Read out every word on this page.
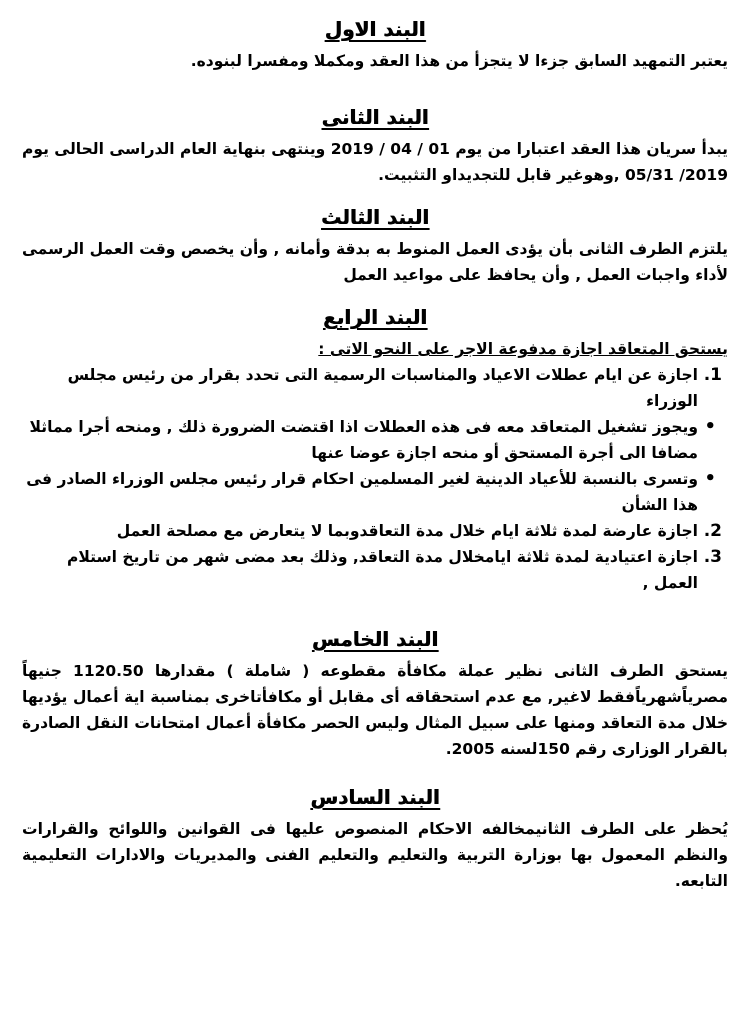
البند الاول

يعتبر التمهيد السابق جزءا لا يتجزأ من هذا العقد ومكملا ومفسرا لبنوده.

البند الثانى

يبدأ سريان هذا العقد اعتبارا من يوم 01 / 04 / 2019 وينتهى بنهاية العام الدراسى الحالى يوم 2019/ 05/31 ,وهوغير قابل للتجديداو التثبيت.

البند الثالث

يلتزم الطرف الثانى بأن يؤدى العمل المنوط به بدقة وأمانه , وأن يخصص وقت العمل الرسمى لأداء واجبات العمل , وأن يحافظ على مواعيد العمل

البند الرابع

يستحق المتعاقد اجازة مدفوعة الاجر على النحو الاتى :

1.
اجازة عن ايام عطلات الاعياد والمناسبات الرسمية التى تحدد بقرار من رئيس مجلس الوزراء
• ويجوز تشغيل المتعاقد معه فى هذه العطلات اذا اقتضت الضرورة ذلك , ومنحه أجرا مماثلا مضافا الى أجرة المستحق أو منحه اجازة عوضا عنها
• وتسرى بالنسبة للأعياد الدينية لغير المسلمين احكام قرار رئيس مجلس الوزراء الصادر فى هذا الشأن
2.
اجازة عارضة لمدة ثلاثة ايام خلال مدة التعاقدوبما لا يتعارض مع مصلحة العمل
3.
اجازة اعتيادية لمدة ثلاثة ايامخلال مدة التعاقد, وذلك بعد مضى شهر من تاريخ استلام العمل ,
البند الخامس

يستحق الطرف الثانى نظير عملة مكافأة مقطوعه ( شاملة ) مقدارها 1120.50 جنيهاً مصرياًشهرياًفقط لاغير, مع عدم استحقاقه أى مقابل أو مكافأتاخرى بمناسبة اية أعمال يؤديها خلال مدة التعاقد ومنها على سبيل المثال وليس الحصر مكافأة أعمال امتحانات النقل الصادرة بالقرار الوزارى رقم 150لسنه 2005.

البند السادس

يُحظر على الطرف الثانيمخالفه الاحكام المنصوص عليها فى القوانين واللوائح والقرارات والنظم المعمول بها بوزارة التربية والتعليم والتعليم الفنى والمديريات والادارات التعليمية التابعه.
